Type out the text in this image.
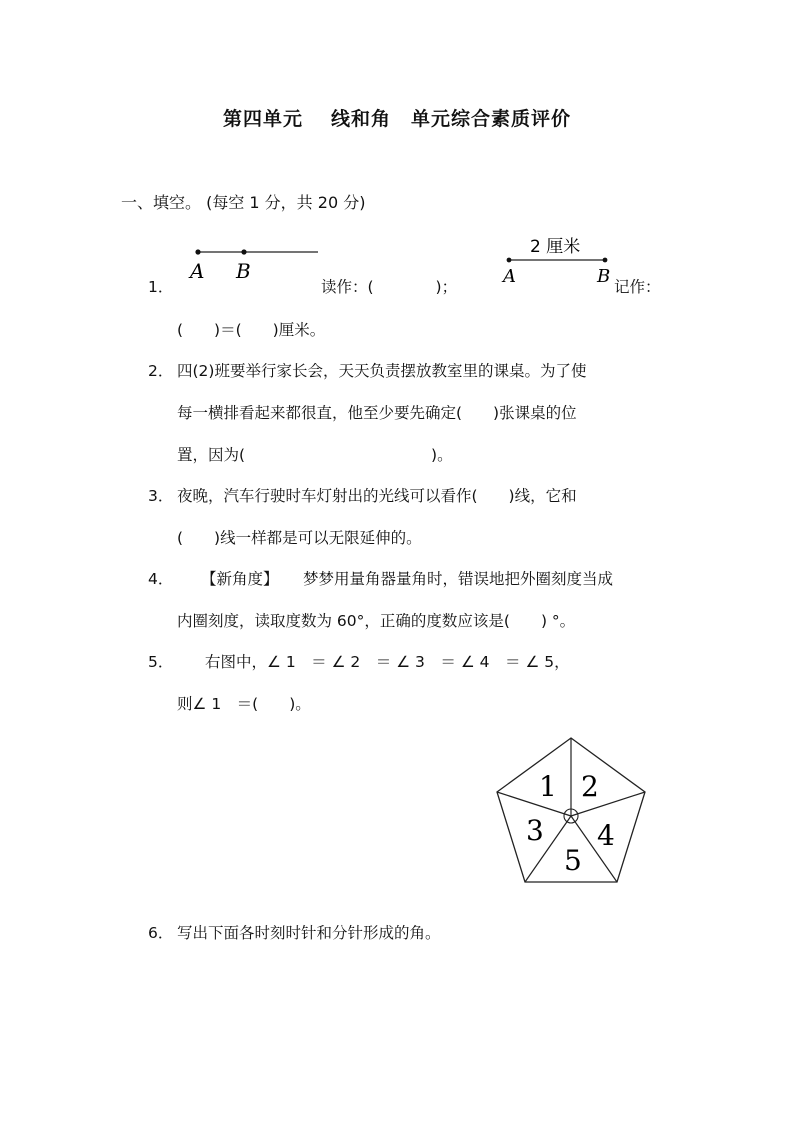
第四单元 线和角 单元综合素质评价
一、填空。 (每空 1 分，共 20 分)
1．
A B
读作：(　　　　)；
2 厘米
A	B 记作：
(　　)＝(　　)厘米。
2． 四(2)班要举行家长会，天天负责摆放教室里的课桌。为了使
每一横排看起来都很直，他至少要先确定(　　)张课桌的位
置，因为(　　　　　　　　　　　　)。
3． 夜晚，汽车行驶时车灯射出的光线可以看作(　　)线，它和
(　　)线一样都是可以无限延伸的。
4． 【新角度】 梦梦用量角器量角时，错误地把外圈刻度当成
内圈刻度，读取度数为 60°，正确的度数应该是(　　) °。
5． 右图中，∠ 1　＝ ∠ 2　＝ ∠ 3　＝ ∠ 4　＝ ∠ 5，
则∠ 1　＝(　　)。
1 2
3 4
5
6． 写出下面各时刻时针和分针形成的角。
